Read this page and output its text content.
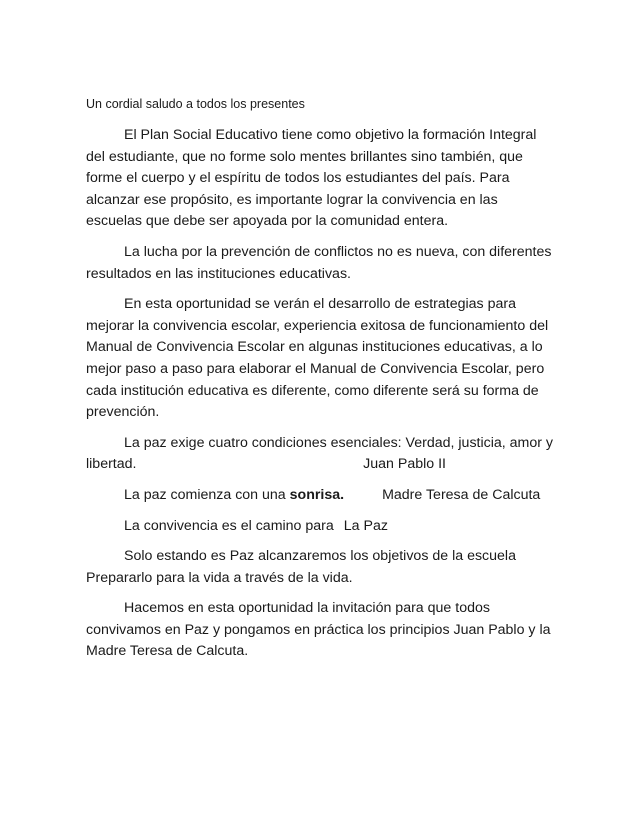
Un cordial saludo a todos los presentes

El Plan Social Educativo tiene como objetivo la formación Integral del estudiante, que no forme solo mentes brillantes sino también, que forme el cuerpo y el espíritu de todos los estudiantes del país. Para alcanzar ese propósito, es importante lograr la convivencia en las escuelas que debe ser apoyada por la comunidad entera.

La lucha por la prevención de conflictos no es nueva, con diferentes resultados en las instituciones educativas.

En esta oportunidad se verán el desarrollo de estrategias para mejorar la convivencia escolar, experiencia exitosa de funcionamiento del Manual de Convivencia Escolar en algunas instituciones educativas, a lo mejor paso a paso para elaborar el Manual de Convivencia Escolar, pero cada institución educativa es diferente, como diferente será su forma de prevención.

La paz exige cuatro condiciones esenciales: Verdad, justicia, amor y libertad.	Juan Pablo II

La paz comienza con una sonrisa.	Madre Teresa de Calcuta

La convivencia es el camino para La Paz

Solo estando es Paz alcanzaremos los objetivos de la escuela Prepararlo para la vida a través de la vida.

Hacemos en esta oportunidad la invitación para que todos convivamos en Paz y pongamos en práctica los principios Juan Pablo y la Madre Teresa de Calcuta.
